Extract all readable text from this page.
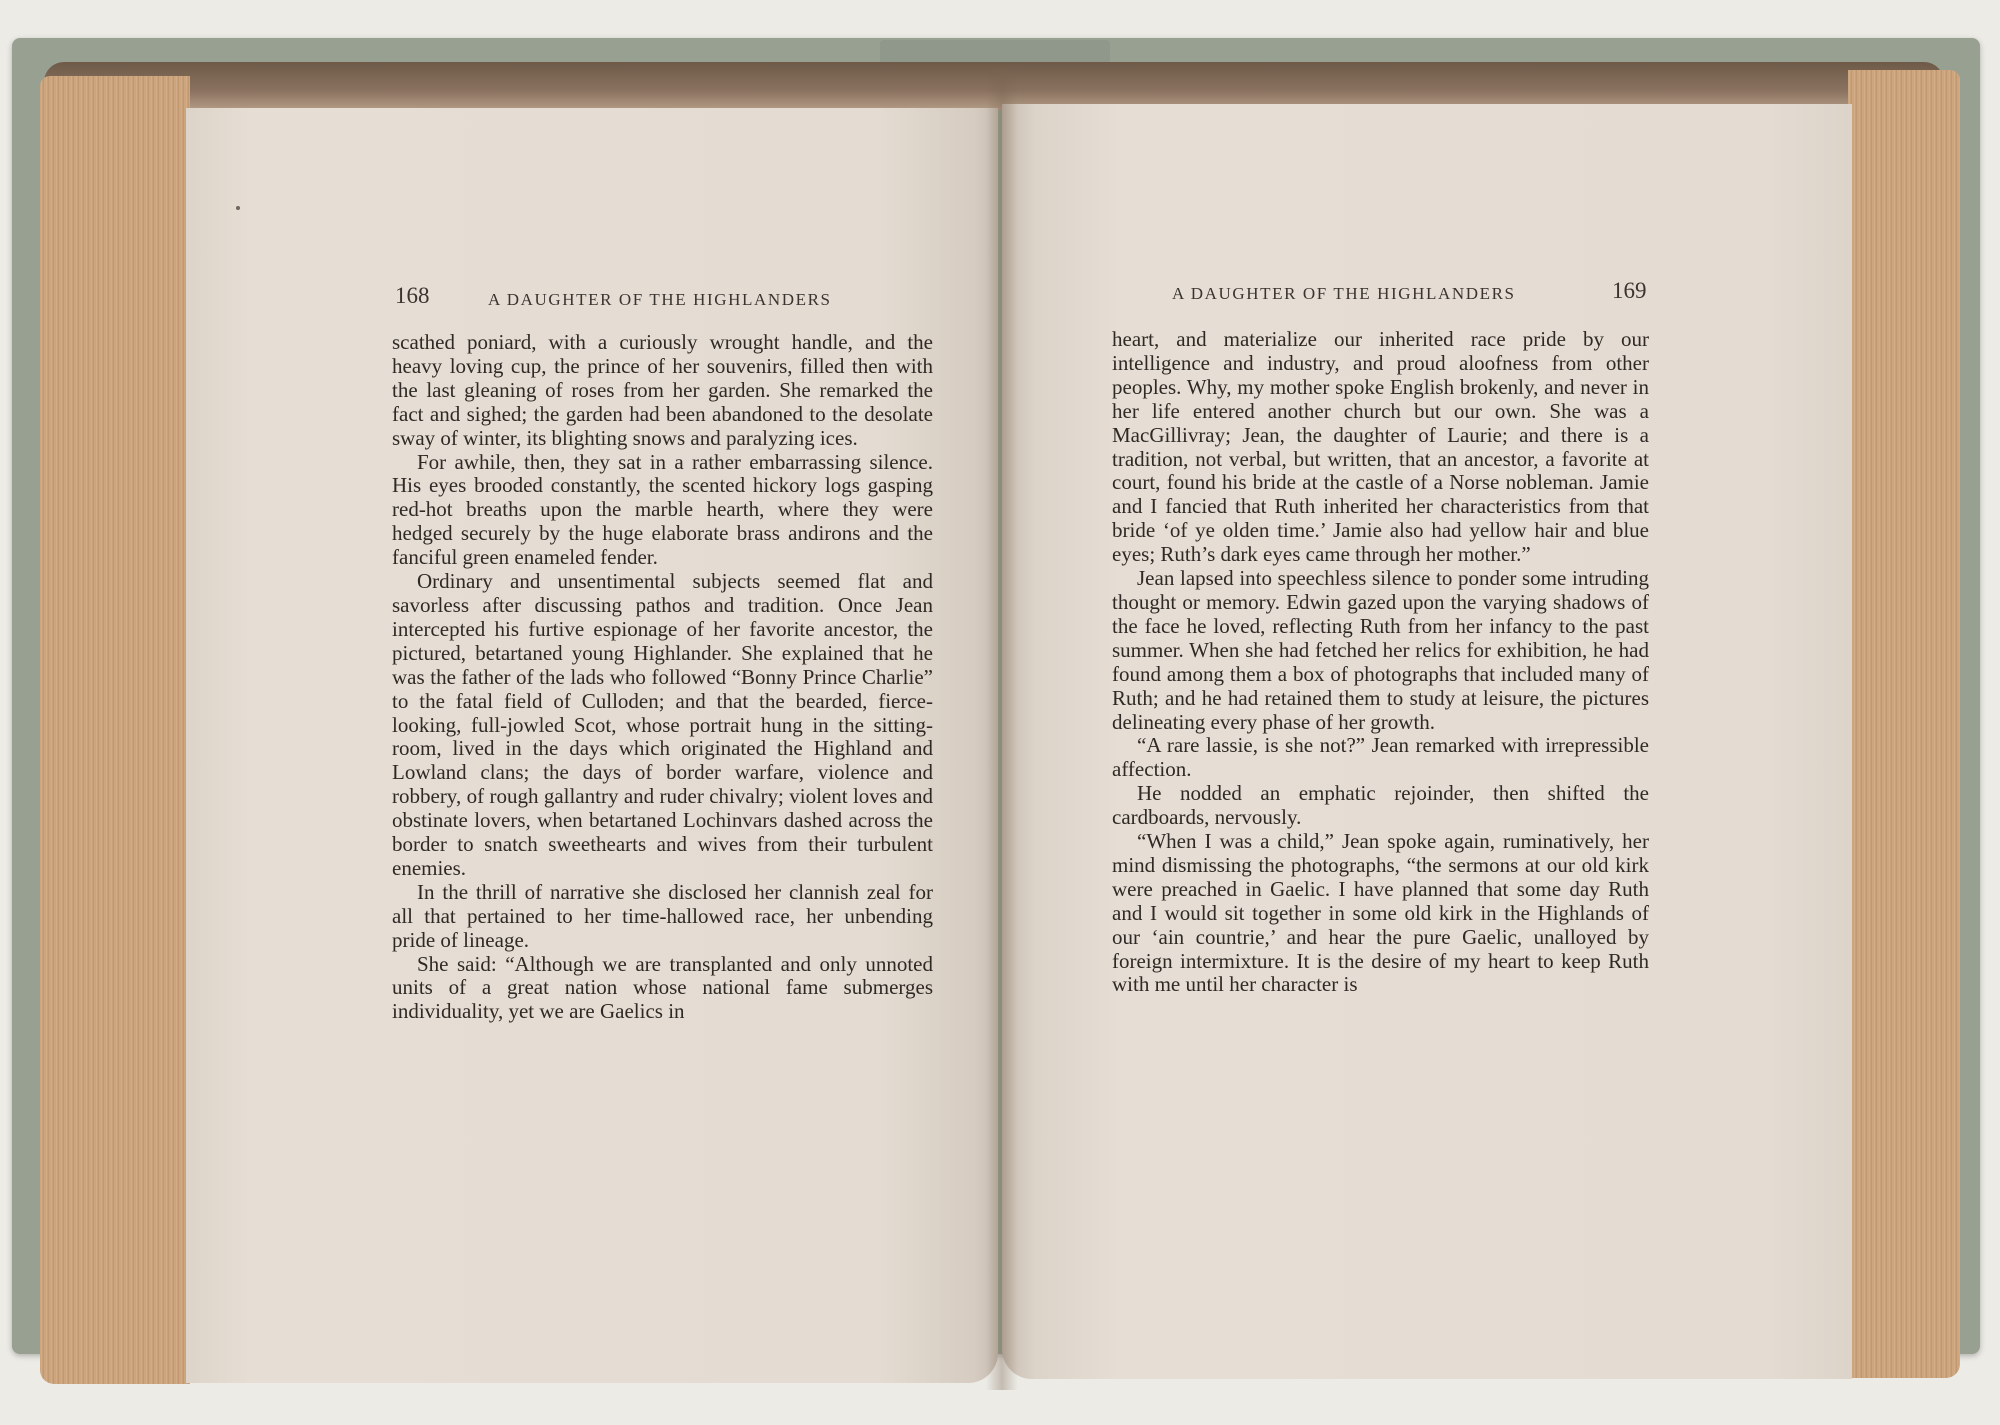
168	A DAUGHTER OF THE HIGHLANDERS	A DAUGHTER OF THE HIGHLANDERS	169

scathed poniard, with a curiously wrought handle, and the heavy loving cup, the prince of her souvenirs, filled then with the last gleaning of roses from her garden. She remarked the fact and sighed; the garden had been abandoned to the desolate sway of winter, its blighting snows and paralyzing ices.

For awhile, then, they sat in a rather embarrassing silence. His eyes brooded constantly, the scented hickory logs gasping red-hot breaths upon the marble hearth, where they were hedged securely by the huge elaborate brass andirons and the fanciful green enameled fender.

Ordinary and unsentimental subjects seemed flat and savorless after discussing pathos and tradition. Once Jean intercepted his furtive espionage of her favorite ancestor, the pictured, betartaned young Highlander. She explained that he was the father of the lads who followed “Bonny Prince Charlie” to the fatal field of Culloden; and that the bearded, fierce-looking, full-jowled Scot, whose portrait hung in the sitting-room, lived in the days which originated the Highland and Lowland clans; the days of border warfare, violence and robbery, of rough gallantry and ruder chivalry; violent loves and obstinate lovers, when betartaned Lochinvars dashed across the border to snatch sweethearts and wives from their turbulent enemies.

In the thrill of narrative she disclosed her clannish zeal for all that pertained to her time-hallowed race, her unbending pride of lineage.

She said: “Although we are transplanted and only unnoted units of a great nation whose national fame submerges individuality, yet we are Gaelics in

heart, and materialize our inherited race pride by our intelligence and industry, and proud aloofness from other peoples. Why, my mother spoke English brokenly, and never in her life entered another church but our own. She was a MacGillivray; Jean, the daughter of Laurie; and there is a tradition, not verbal, but written, that an ancestor, a favorite at court, found his bride at the castle of a Norse nobleman. Jamie and I fancied that Ruth inherited her characteristics from that bride ‘of ye olden time.’ Jamie also had yellow hair and blue eyes; Ruth’s dark eyes came through her mother.”

Jean lapsed into speechless silence to ponder some intruding thought or memory. Edwin gazed upon the varying shadows of the face he loved, reflecting Ruth from her infancy to the past summer. When she had fetched her relics for exhibition, he had found among them a box of photographs that included many of Ruth; and he had retained them to study at leisure, the pictures delineating every phase of her growth.

“A rare lassie, is she not?” Jean remarked with irrepressible affection.

He nodded an emphatic rejoinder, then shifted the cardboards, nervously.

“When I was a child,” Jean spoke again, ruminatively, her mind dismissing the photographs, “the sermons at our old kirk were preached in Gaelic. I have planned that some day Ruth and I would sit together in some old kirk in the Highlands of our ‘ain countrie,’ and hear the pure Gaelic, unalloyed by foreign intermixture. It is the desire of my heart to keep Ruth with me until her character is
